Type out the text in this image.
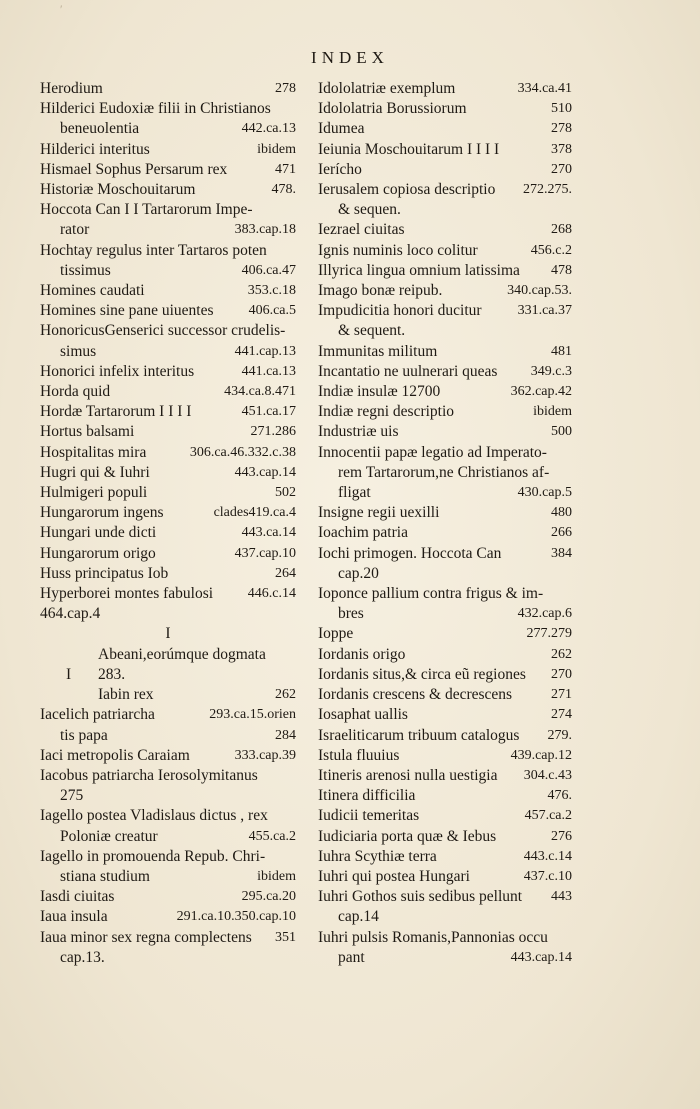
INDEX
Herodium	278
Hilderici Eudoxiæ filii in Christianos
beneuolentia	442.ca.13
Hilderici interitus	ibidem
Hismael Sophus Persarum rex	471
Historiæ Moschouitarum	478.
Hoccota Can I I Tartarorum Impe-
rator	383.cap.18
Hochtay regulus inter Tartaros poten
tissimus	406.ca.47
Homines caudati	353.c.18
Homines sine pane uiuentes	406.ca.5
HonoricusGenserici successor crudelis-
simus	441.cap.13
Honorici infelix interitus	441.ca.13
Horda quid	434.ca.8.471
Hordæ Tartarorum I I I I	451.ca.17
Hortus balsami	271.286
Hospitalitas mira	306.ca.46.332.c.38
Hugri qui & Iuhri	443.cap.14
Hulmigeri populi	502
Hungarorum ingens	clades419.ca.4
Hungari unde dicti	443.ca.14
Hungarorum origo	437.cap.10
Huss principatus Iob	264
Hyperborei montes fabulosi	446.c.14
464.cap.4
I
Abeani,eorúmque dogmata
I 283.
Iabin rex	262
Iacelich patriarcha	293.ca.15.orien
tis papa	284
Iaci metropolis Caraiam	333.cap.39
Iacobus patriarcha Ierosolymitanus
275
Iagello postea Vladislaus dictus , rex
Poloniæ creatur	455.ca.2
Iagello in promouenda Repub. Chri-
stiana studium	ibidem
Iasdi ciuitas	295.ca.20
Iaua insula	291.ca.10.350.cap.10
Iaua minor sex regna complectens	351
cap.13.
Idololatriæ exemplum	334.ca.41
Idololatria Borussiorum	510
Idumea	278
Ieiunia Moschouitarum I I I I	378
Ierícho	270
Ierusalem copiosa descriptio	272.275.
& sequen.
Iezrael ciuitas	268
Ignis numinis loco colitur	456.c.2
Illyrica lingua omnium latissima	478
Imago bonæ reipub.	340.cap.53.
Impudicitia honori ducitur	331.ca.37
& sequent.
Immunitas militum	481
Incantatio ne uulnerari queas	349.c.3
Indiæ insulæ 12700	362.cap.42
Indiæ regni descriptio	ibidem
Industriæ uis	500
Innocentii papæ legatio ad Imperato-
rem Tartarorum,ne Christianos af-
fligat	430.cap.5
Insigne regii uexilli	480
Ioachim patria	266
Iochi primogen. Hoccota Can	384
cap.20
Ioponce pallium contra frigus & im-
bres	432.cap.6
Ioppe	277.279
Iordanis origo	262
Iordanis situs,& circa eũ regiones	270
Iordanis crescens & decrescens	271
Iosaphat uallis	274
Israeliticarum tribuum catalogus	279.
Istula fluuius	439.cap.12
Itineris arenosi nulla uestigia	304.c.43
Itinera difficilia	476.
Iudicii temeritas	457.ca.2
Iudiciaria porta quæ & Iebus	276
Iuhra Scythiæ terra	443.c.14
Iuhri qui postea Hungari	437.c.10
Iuhri Gothos suis sedibus pellunt	443
cap.14
Iuhri pulsis Romanis,Pannonias occu
pant	443.cap.14
′
